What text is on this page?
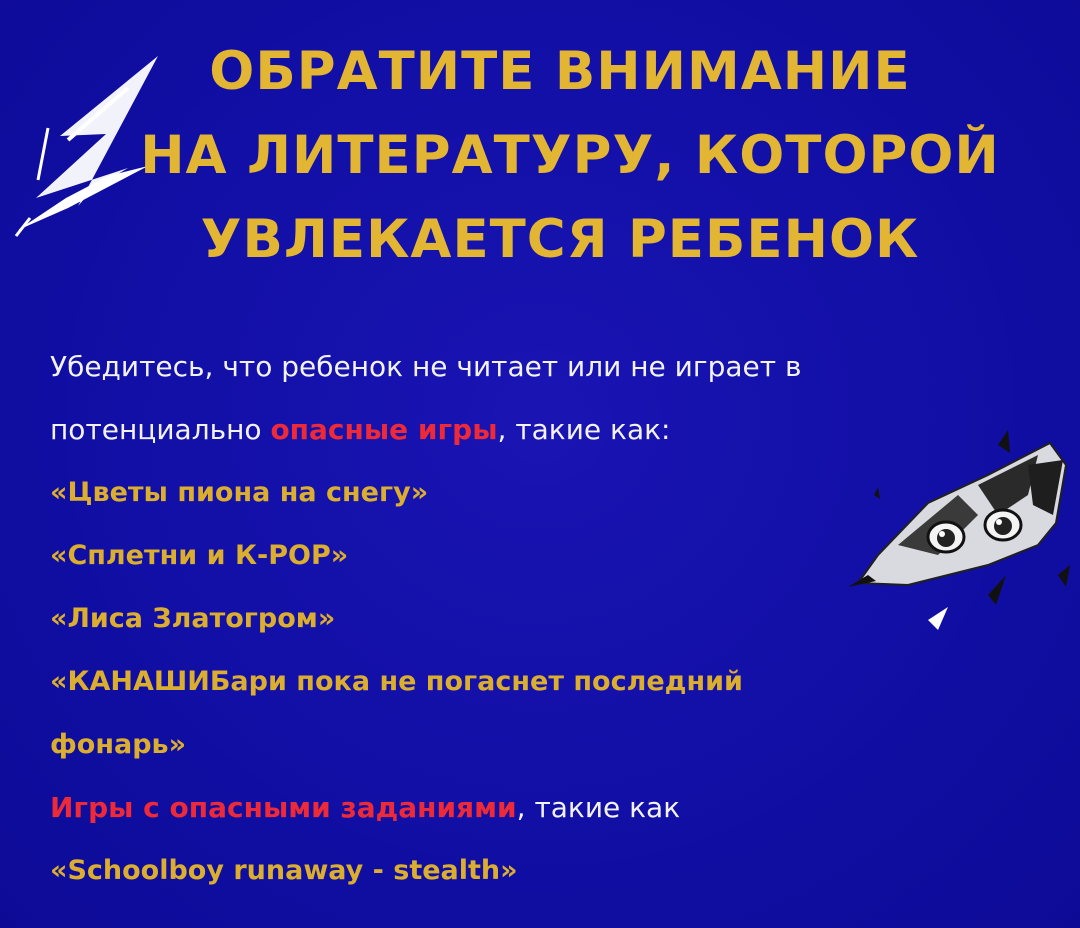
ОБРАТИТЕ ВНИМАНИЕ
НА ЛИТЕРАТУРУ, КОТОРОЙ
УВЛЕКАЕТСЯ РЕБЕНОК
Убедитесь, что ребенок не читает или не играет в
потенциально опасные игры, такие как:
«Цветы пиона на снегу»
«Сплетни и К-POP»
«Лиса Златогром»
«КАНАШИБари пока не погаснет последний
фонарь»
Игры с опасными заданиями, такие как
«Schoolboy runaway - stealth»
